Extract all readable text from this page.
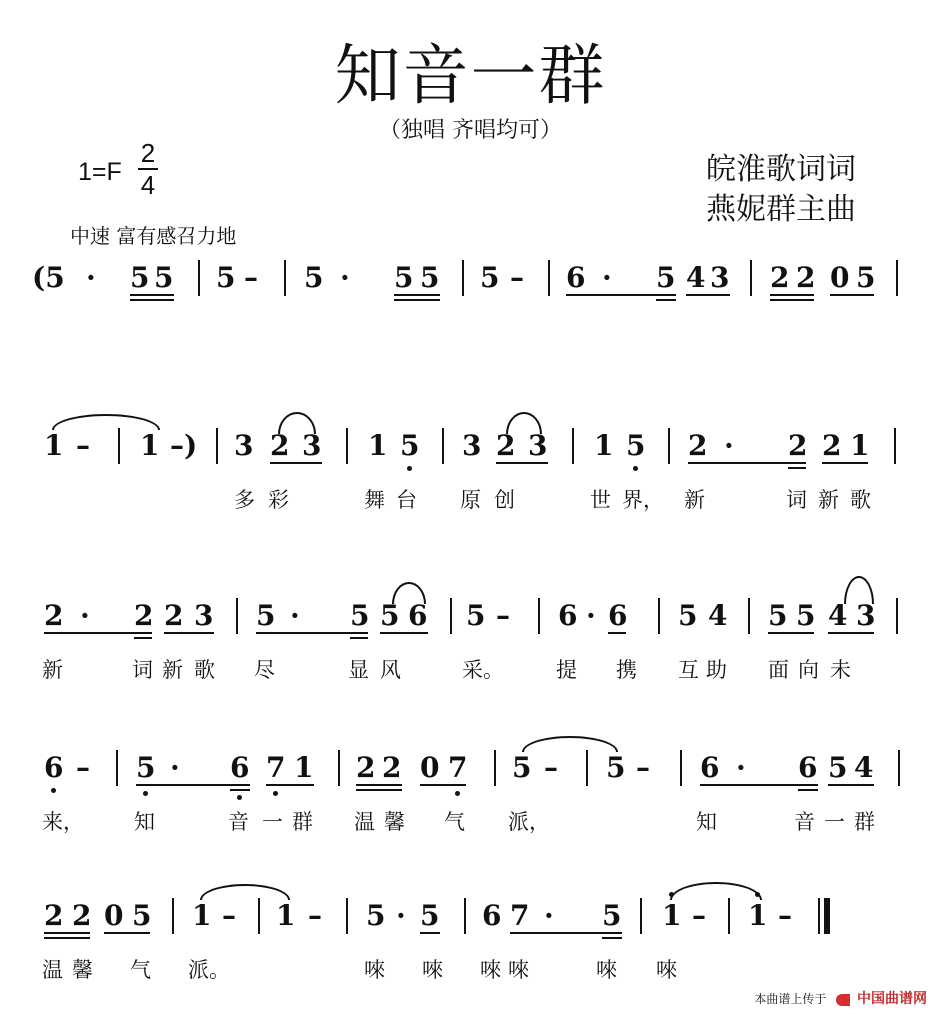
知音一群
（独唱 齐唱均可）
1=F
2
4
中速 富有感召力地
皖淮歌词词
燕妮群主曲
(5 · 5 5 5 – 5 · 5 5 5 – 6 · 5 4 3 2 2 0 5
1 – 1 –) 3 2 3 1 5 3 2 3 1 5 2 · 2 2 1
多 彩	舞 台 原 创	世 界， 新	词 新 歌
2 · 2 2 3 5 · 5 5 6 5 – 6 · 6 5 4 5 5 4 3
新	词 新 歌 尽	显 风	采。 提 携 互 助 面 向 未
6 – 5 · 6 7 1 2 2 0 7 5 – 5 – 6 · 6 5 4
来， 知	音 一 群 温 馨 气 派，	知	音 一 群
2 2 0 5 1 – 1 – 5 · 5 6 7 · 5 1 – 1 –
温 馨 气 派。	唻 唻 唻 唻	唻 唻
本曲谱上传于 中国曲谱网
